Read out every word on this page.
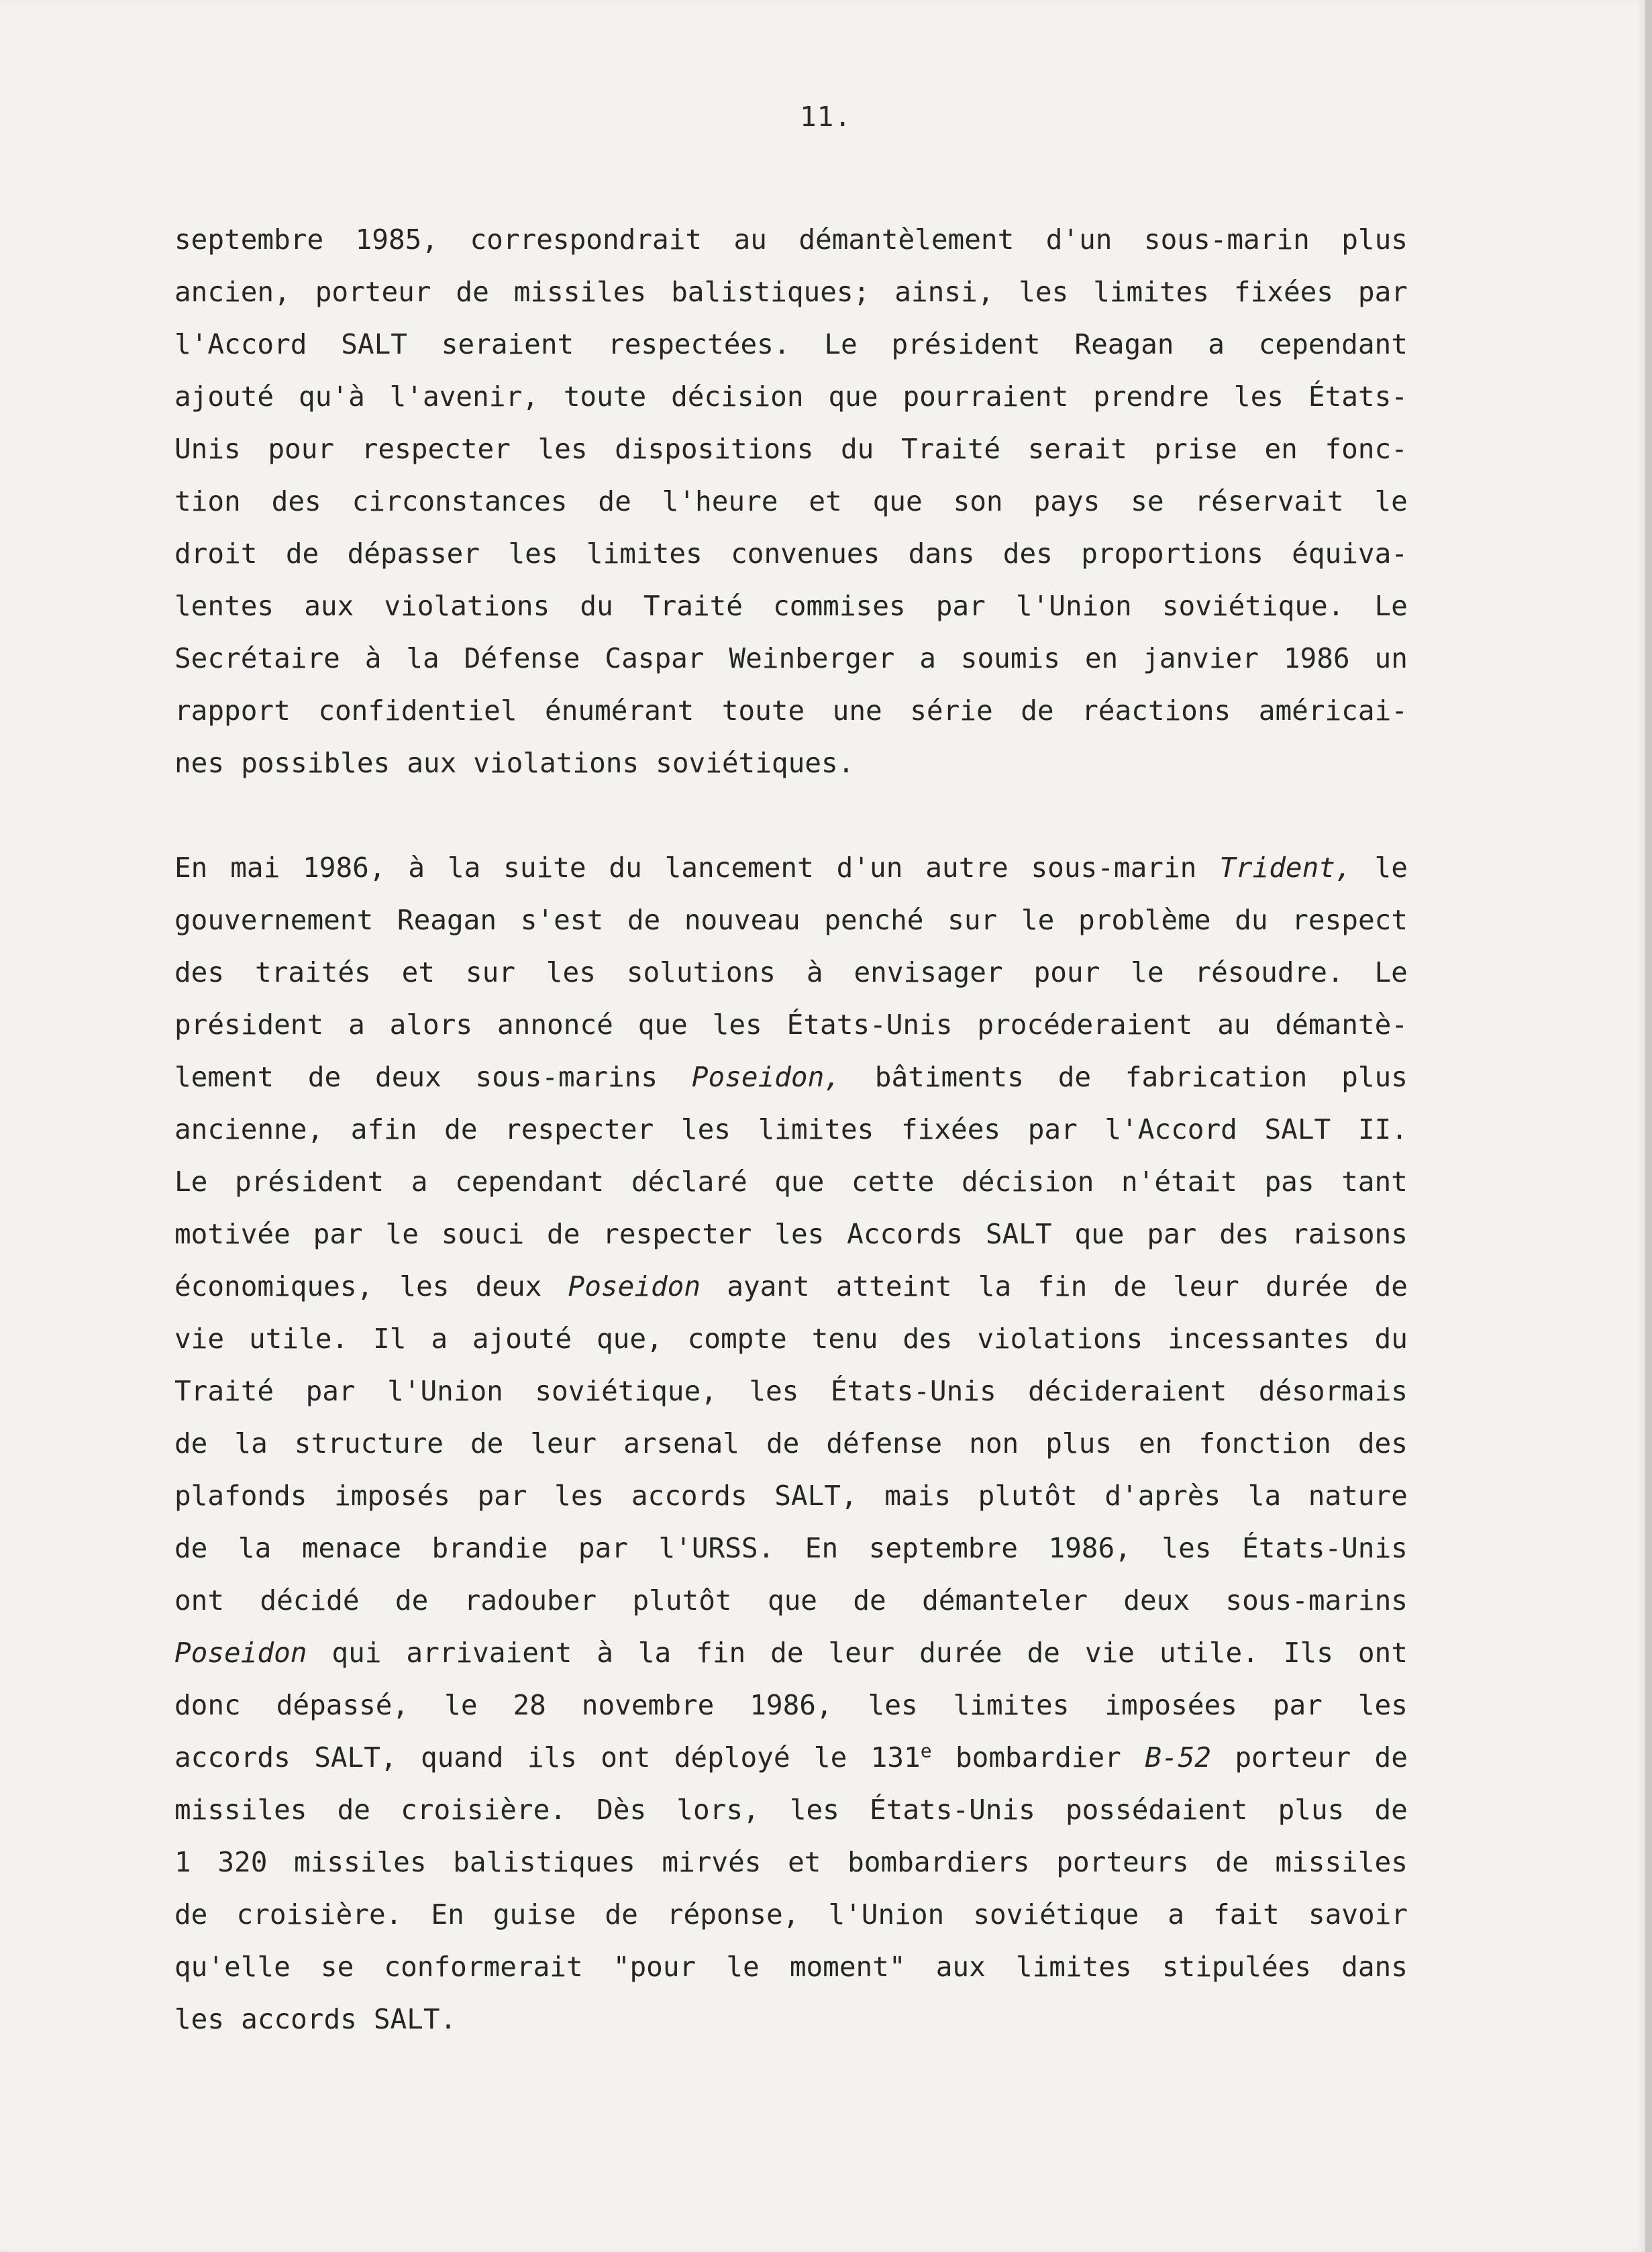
11.
septembre 1985, correspondrait au démantèlement d'un sous-marin plus
ancien, porteur de missiles balistiques; ainsi, les limites fixées par
l'Accord SALT seraient respectées. Le président Reagan a cependant
ajouté qu'à l'avenir, toute décision que pourraient prendre les États-
Unis pour respecter les dispositions du Traité serait prise en fonc-
tion des circonstances de l'heure et que son pays se réservait le
droit de dépasser les limites convenues dans des proportions équiva-
lentes aux violations du Traité commises par l'Union soviétique. Le
Secrétaire à la Défense Caspar Weinberger a soumis en janvier 1986 un
rapport confidentiel énumérant toute une série de réactions américai-
nes possibles aux violations soviétiques.
En mai 1986, à la suite du lancement d'un autre sous-marin Trident, le
gouvernement Reagan s'est de nouveau penché sur le problème du respect
des traités et sur les solutions à envisager pour le résoudre. Le
président a alors annoncé que les États-Unis procéderaient au démantè-
lement de deux sous-marins Poseidon, bâtiments de fabrication plus
ancienne, afin de respecter les limites fixées par l'Accord SALT II.
Le président a cependant déclaré que cette décision n'était pas tant
motivée par le souci de respecter les Accords SALT que par des raisons
économiques, les deux Poseidon ayant atteint la fin de leur durée de
vie utile. Il a ajouté que, compte tenu des violations incessantes du
Traité par l'Union soviétique, les États-Unis décideraient désormais
de la structure de leur arsenal de défense non plus en fonction des
plafonds imposés par les accords SALT, mais plutôt d'après la nature
de la menace brandie par l'URSS. En septembre 1986, les États-Unis
ont décidé de radouber plutôt que de démanteler deux sous-marins
Poseidon qui arrivaient à la fin de leur durée de vie utile. Ils ont
donc dépassé, le 28 novembre 1986, les limites imposées par les
accords SALT, quand ils ont déployé le 131e bombardier B-52 porteur de
missiles de croisière. Dès lors, les États-Unis possédaient plus de
1 320 missiles balistiques mirvés et bombardiers porteurs de missiles
de croisière. En guise de réponse, l'Union soviétique a fait savoir
qu'elle se conformerait "pour le moment" aux limites stipulées dans
les accords SALT.
